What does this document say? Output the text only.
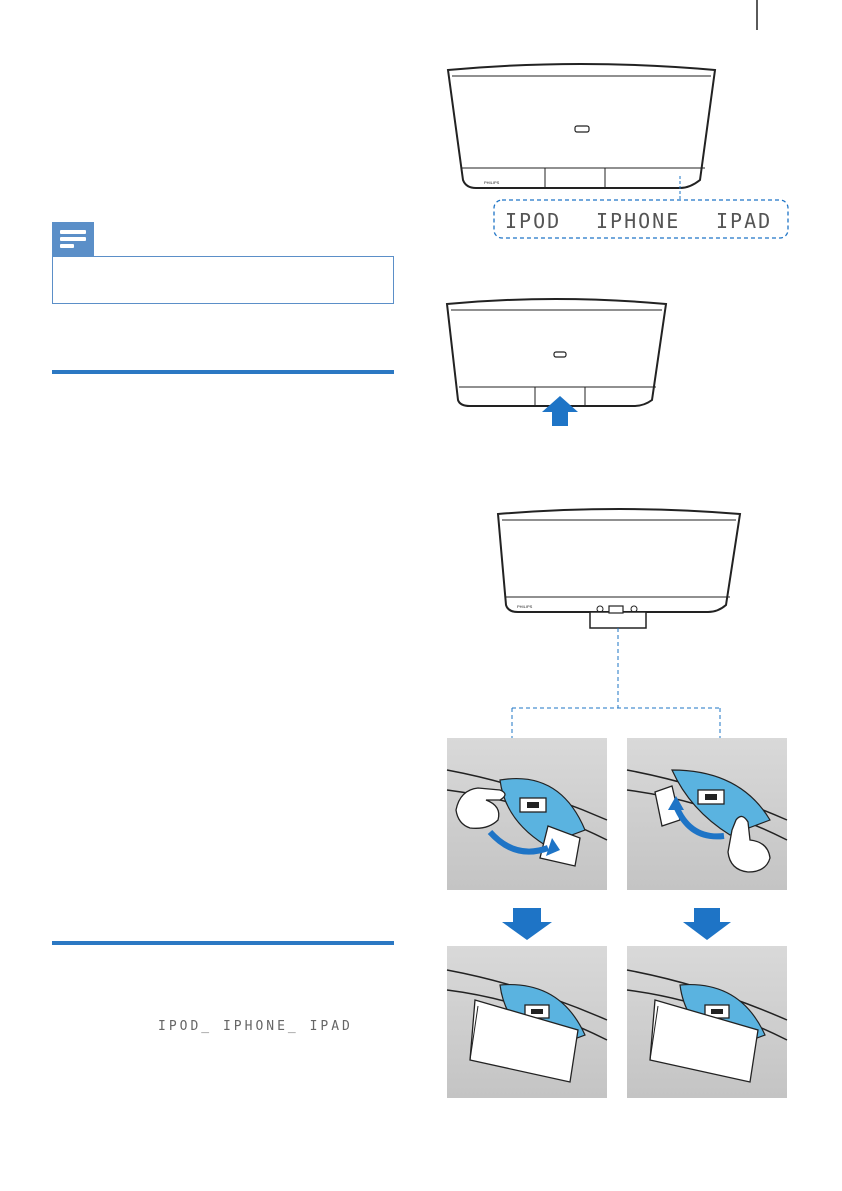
IPOD_ IPHONE_ IPAD
PHILIPS
IPOD IPHONE IPAD
PHILIPS
